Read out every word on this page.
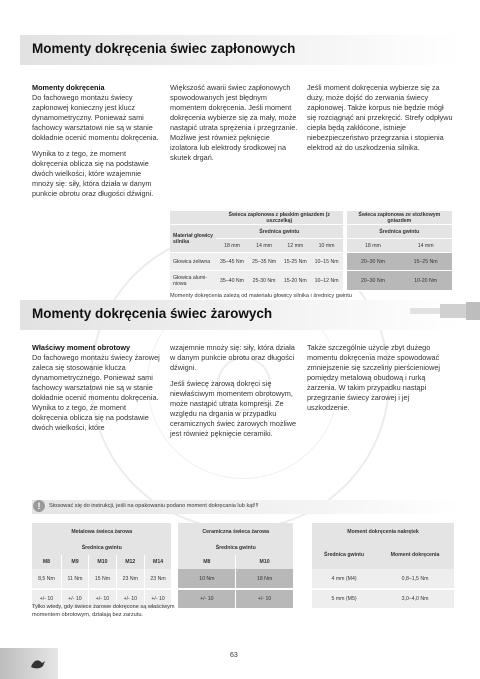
Momenty dokręcenia świec zapłonowych

Momenty dokręcenia
Do fachowego montażu świecy zapłonowej konieczny jest klucz dynamometryczny. Ponieważ sami fachowcy warsztatowi nie są w stanie dokładnie ocenić momentu dokręcenia.

Wynika to z tego, że moment dokręcenia oblicza się na podstawie dwóch wielkości, które wzajemnie mnoży się: siły, która działa w danym punkcie obrotu oraz długości dźwigni.

Większość awarii świec zapłonowych spowodowanych jest błędnym momentem dokręcenia. Jeśli moment dokręcenia wybierze się za mały, może nastąpić utrata sprężenia i przegrzanie. Możliwe jest również pęknięcie izolatora lub elektrody środkowej na skutek drgań.
Jeśli moment dokręcenia wybierze się za duży, może dojść do zerwania świecy zapłonowej. Także korpus nie będzie mógł się rozciągnąć ani przekręcić. Strefy odpływu ciepła będą zakłócone, istnieje niebezpieczeństwo przegrzania i stopienia elektrod aż do uszkodzenia silnika.
	Świeca zapłonowa z płaskim gniazdem (z uszczelką)					Świeca zapłonowa ze stożkowym gniazdem	
Materiał głowicy silnika	Średnica gwintu					Średnica gwintu	
	18 mm	14 mm	12 mm	10 mm		18 mm	14 mm
Głowica żeliwna	35–45 Nm	25–35 Nm	15-25 Nm	10–15 Nm		20–30 Nm	15–25 Nm
Głowica alumi- niowa	35–40 Nm	25-30 Nm	15-20 Nm	10–12 Nm		20–30 Nm	10-20 Nm
Momenty dokręcenia zależą od materiału głowicy silnika i średnicy gwintu
Momenty dokręcenia świec żarowych
Właściwy moment obrotowy
Do fachowego montażu świecy żarowej zaleca się stosowanie klucza dynamometrycznego. Ponieważ sami fachowcy warsztatowi nie są w stanie dokładnie ocenić momentu dokręcenia.
Wynika to z tego, że moment dokręcenia oblicza się na podstawie dwóch wielkości, które

wzajemnie mnoży się: siły, która działa w danym punkcie obrotu oraz długości dźwigni.

Jeśli świecę żarową dokręci się niewłaściwym momentem obrotowym, może nastąpić utrata kompresji. Ze względu na drgania w przypadku ceramicznych świec żarowych możliwe jest również pęknięcie ceramiki.

Także szczególnie użycie zbyt dużego momentu dokręcenia może spowodować zmniejszenie się szczeliny pierścieniowej pomiędzy metalową obudową i rurką żarzenia. W takim przypadku nastąpi przegrzanie świecy żarowej i jej uszkodzenie.
!	Stosować się do instrukcji, jeśli na opakowaniu podano moment dokręcania lub kąt!!!
Metalowa świeca żarowa						Ceramiczna świeca żarowa	
Średnica gwintu						Średnica gwintu	
M8	M9	M10	M12	M14		M8	M10
8,5 Nm	11 Nm	15 Nm	23 Nm	23 Nm		10 Nm	18 Nm
+/- 10	+/- 10	+/- 10	+/- 10	+/- 10		+/- 10	+/- 10
Moment dokręcenia nakrętek	
Średnica gwintu	Moment dokręcenia
4 mm (M4)	0,8–1,5 Nm
5 mm (M5)	3,0–4,0 Nm
Tylko wtedy, gdy świece żarowe dokręcone są właściwym momentem obrotowym, działają bez zarzutu.
63
